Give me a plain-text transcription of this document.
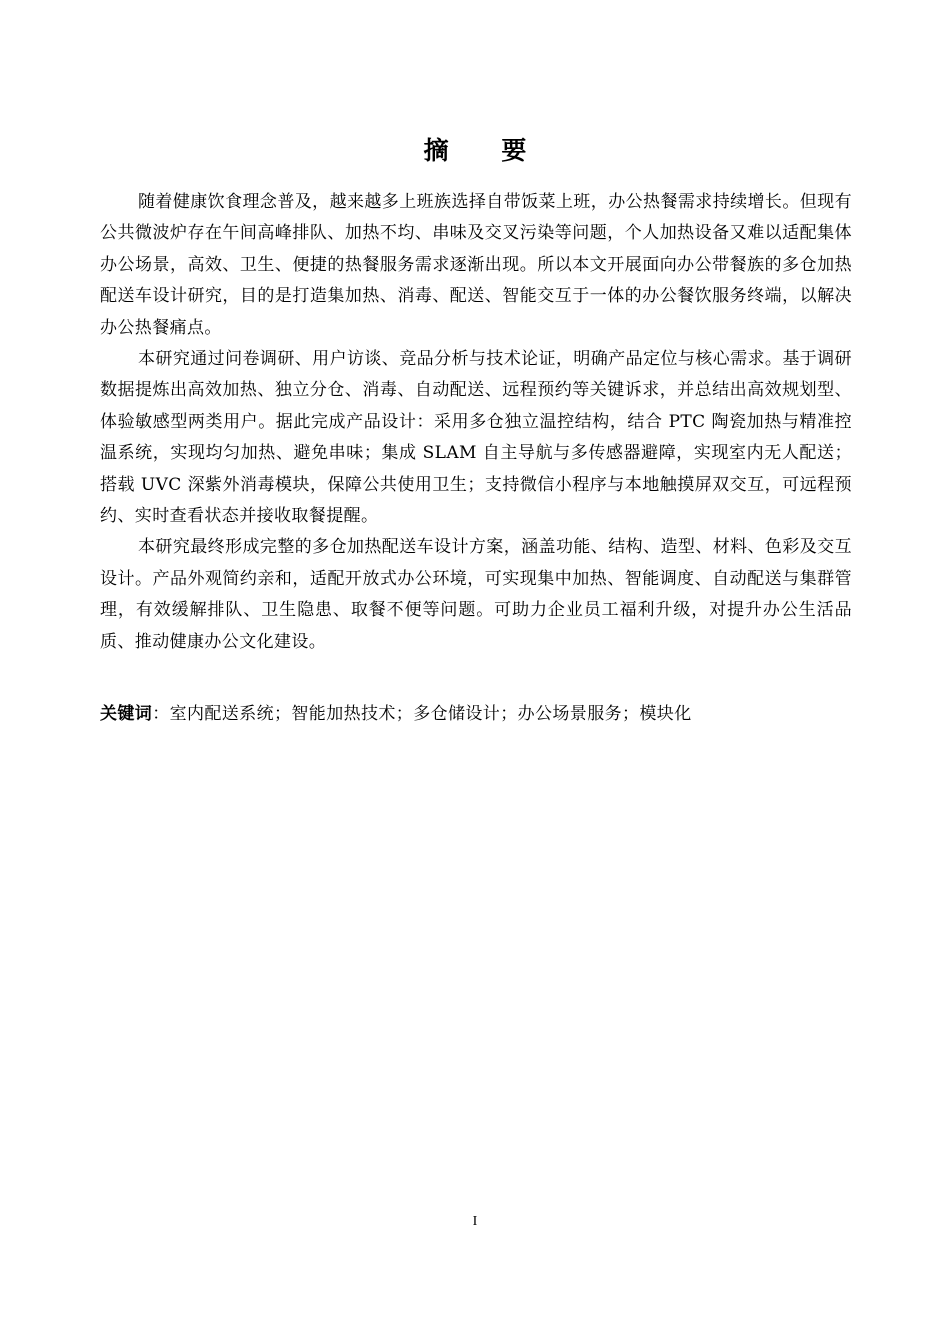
摘 要

随着健康饮食理念普及，越来越多上班族选择自带饭菜上班，办公热餐需求持续增长。但现有公共微波炉存在午间高峰排队、加热不均、串味及交叉污染等问题，个人加热设备又难以适配集体办公场景，高效、卫生、便捷的热餐服务需求逐渐出现。所以本文开展面向办公带餐族的多仓加热配送车设计研究，目的是打造集加热、消毒、配送、智能交互于一体的办公餐饮服务终端，以解决办公热餐痛点。

本研究通过问卷调研、用户访谈、竞品分析与技术论证，明确产品定位与核心需求。基于调研数据提炼出高效加热、独立分仓、消毒、自动配送、远程预约等关键诉求，并总结出高效规划型、体验敏感型两类用户。据此完成产品设计：采用多仓独立温控结构，结合 PTC 陶瓷加热与精准控温系统，实现均匀加热、避免串味；集成 SLAM 自主导航与多传感器避障，实现室内无人配送；搭载 UVC 深紫外消毒模块，保障公共使用卫生；支持微信小程序与本地触摸屏双交互，可远程预约、实时查看状态并接收取餐提醒。

本研究最终形成完整的多仓加热配送车设计方案，涵盖功能、结构、造型、材料、色彩及交互设计。产品外观简约亲和，适配开放式办公环境，可实现集中加热、智能调度、自动配送与集群管理，有效缓解排队、卫生隐患、取餐不便等问题。可助力企业员工福利升级，对提升办公生活品质、推动健康办公文化建设。

关键词：室内配送系统；智能加热技术；多仓储设计；办公场景服务；模块化
I
